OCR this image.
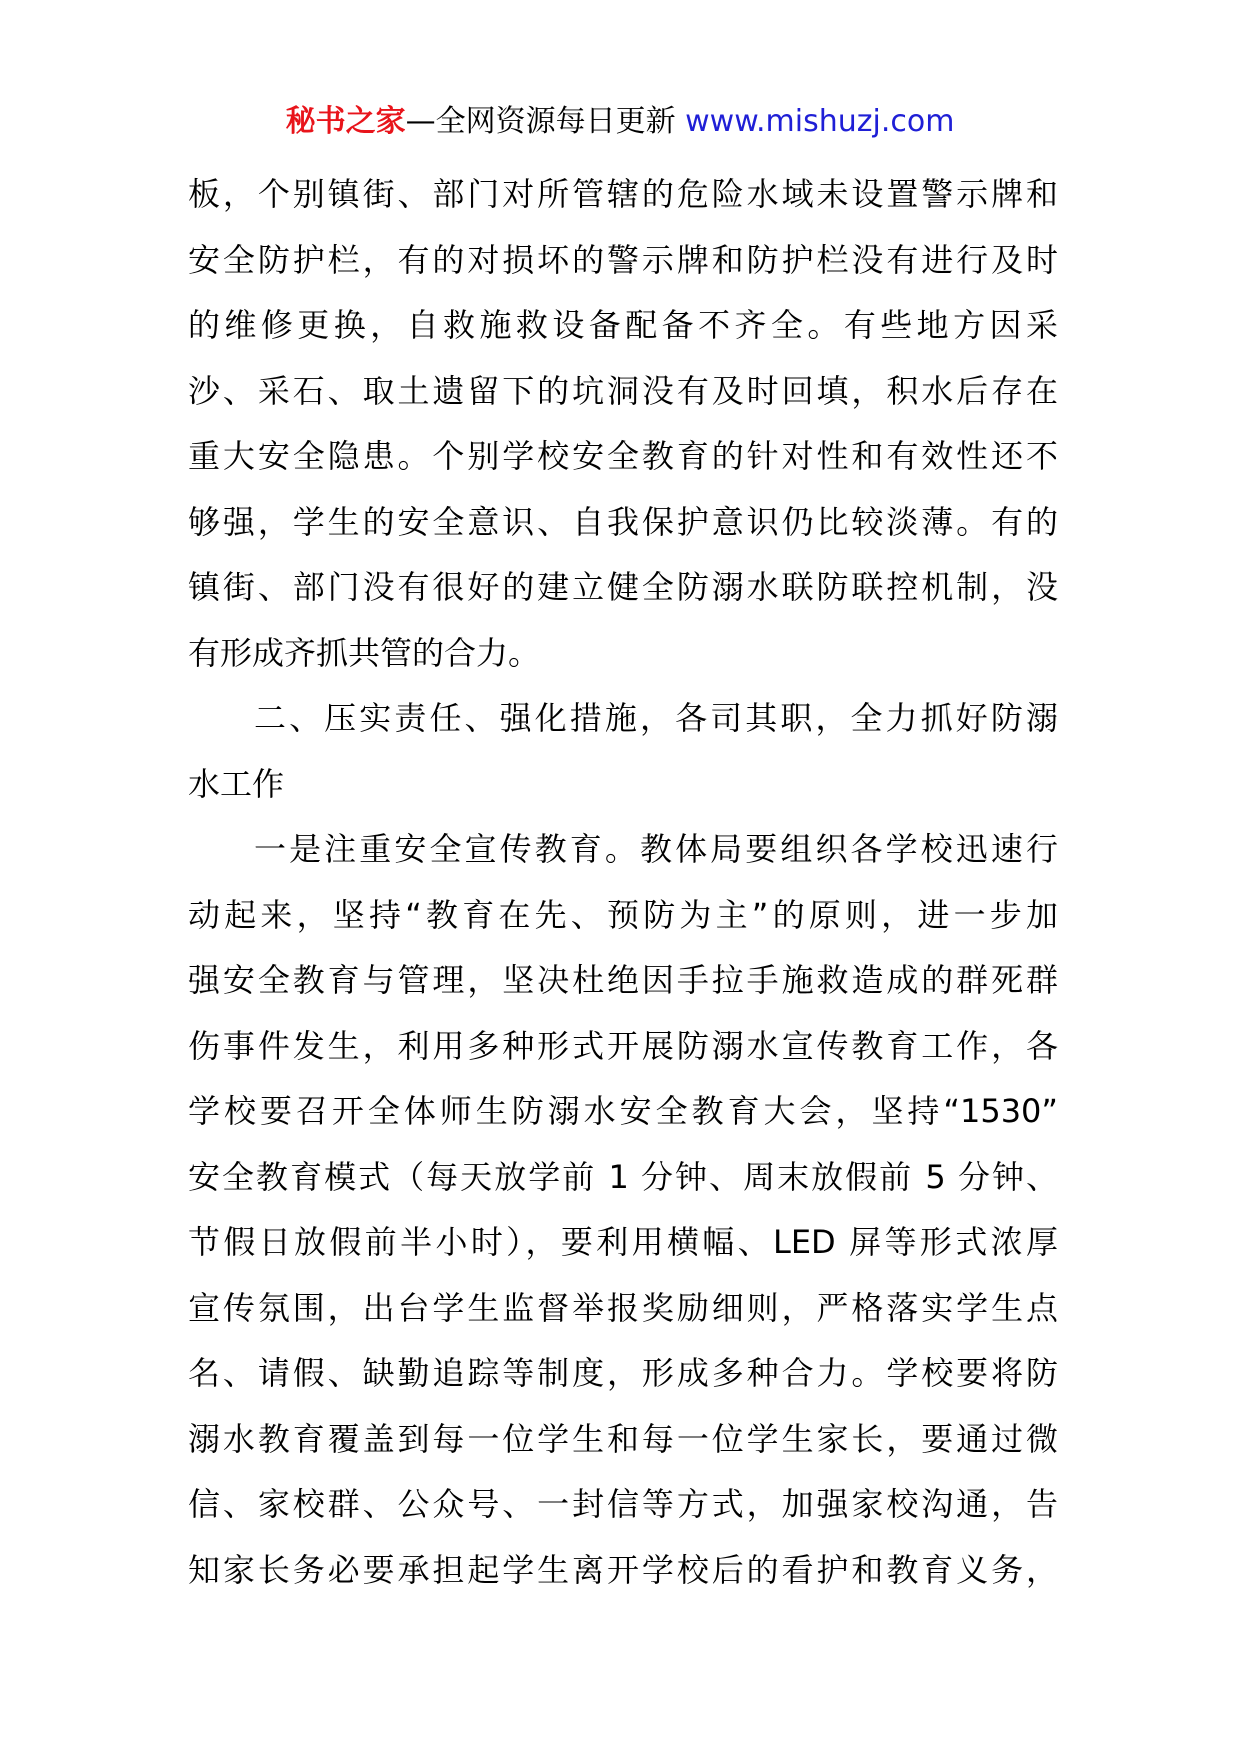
秘书之家—全网资源每日更新 www.mishuzj.com
板，个别镇街、部门对所管辖的危险水域未设置警示牌和
安全防护栏，有的对损坏的警示牌和防护栏没有进行及时
的维修更换，自救施救设备配备不齐全。有些地方因采
沙、采石、取土遗留下的坑洞没有及时回填，积水后存在
重大安全隐患。个别学校安全教育的针对性和有效性还不
够强，学生的安全意识、自我保护意识仍比较淡薄。有的
镇街、部门没有很好的建立健全防溺水联防联控机制，没
有形成齐抓共管的合力。
二、压实责任、强化措施，各司其职，全力抓好防溺
水工作
一是注重安全宣传教育。教体局要组织各学校迅速行
动起来，坚持“教育在先、预防为主”的原则，进一步加
强安全教育与管理，坚决杜绝因手拉手施救造成的群死群
伤事件发生，利用多种形式开展防溺水宣传教育工作，各
学校要召开全体师生防溺水安全教育大会，坚持“1530”
安全教育模式（每天放学前 1 分钟、周末放假前 5 分钟、
节假日放假前半小时），要利用横幅、LED 屏等形式浓厚
宣传氛围，出台学生监督举报奖励细则，严格落实学生点
名、请假、缺勤追踪等制度，形成多种合力。学校要将防
溺水教育覆盖到每一位学生和每一位学生家长，要通过微
信、家校群、公众号、一封信等方式，加强家校沟通，告
知家长务必要承担起学生离开学校后的看护和教育义务，
